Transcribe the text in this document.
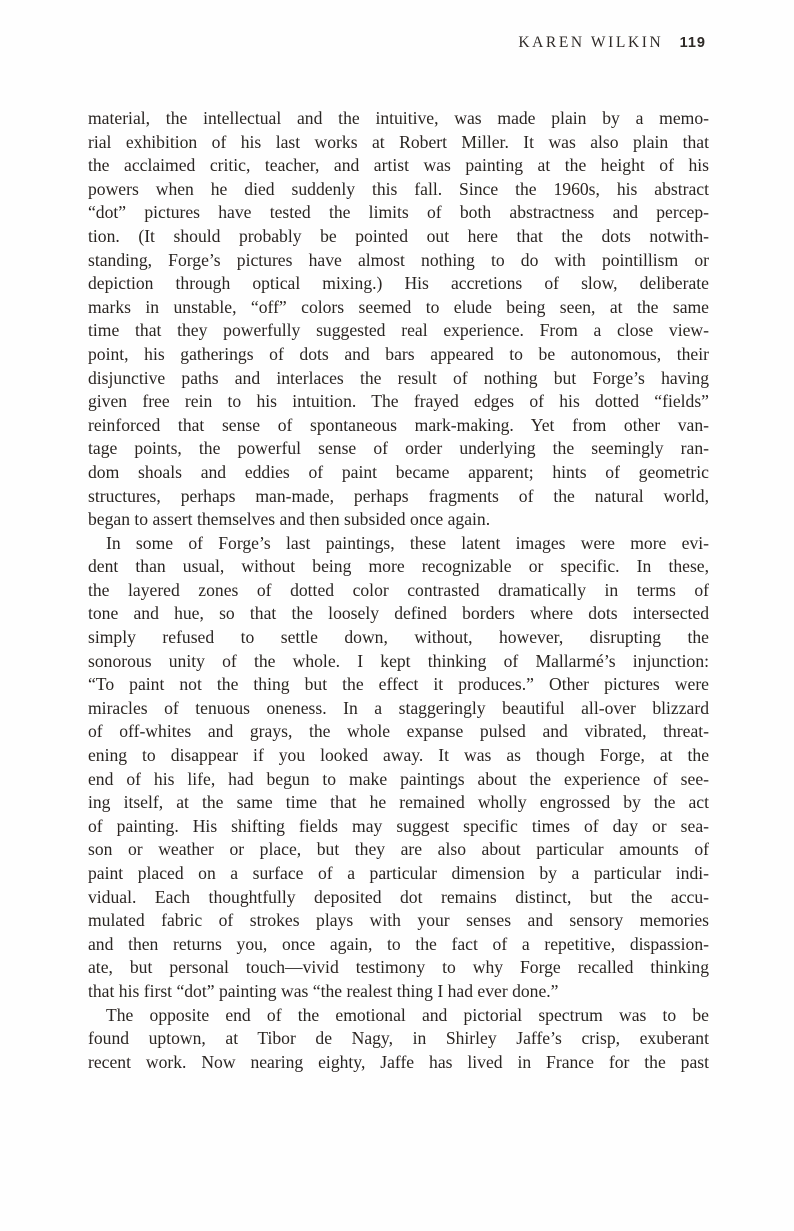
KAREN WILKIN 119
material, the intellectual and the intuitive, was made plain by a memo-
rial exhibition of his last works at Robert Miller. It was also plain that
the acclaimed critic, teacher, and artist was painting at the height of his
powers when he died suddenly this fall. Since the 1960s, his abstract
“dot” pictures have tested the limits of both abstractness and percep-
tion. (It should probably be pointed out here that the dots notwith-
standing, Forge’s pictures have almost nothing to do with pointillism or
depiction through optical mixing.) His accretions of slow, deliberate
marks in unstable, “off” colors seemed to elude being seen, at the same
time that they powerfully suggested real experience. From a close view-
point, his gatherings of dots and bars appeared to be autonomous, their
disjunctive paths and interlaces the result of nothing but Forge’s having
given free rein to his intuition. The frayed edges of his dotted “fields”
reinforced that sense of spontaneous mark-making. Yet from other van-
tage points, the powerful sense of order underlying the seemingly ran-
dom shoals and eddies of paint became apparent; hints of geometric
structures, perhaps man-made, perhaps fragments of the natural world,
began to assert themselves and then subsided once again.
In some of Forge’s last paintings, these latent images were more evi-
dent than usual, without being more recognizable or specific. In these,
the layered zones of dotted color contrasted dramatically in terms of
tone and hue, so that the loosely defined borders where dots intersected
simply refused to settle down, without, however, disrupting the
sonorous unity of the whole. I kept thinking of Mallarmé’s injunction:
“To paint not the thing but the effect it produces.” Other pictures were
miracles of tenuous oneness. In a staggeringly beautiful all-over blizzard
of off-whites and grays, the whole expanse pulsed and vibrated, threat-
ening to disappear if you looked away. It was as though Forge, at the
end of his life, had begun to make paintings about the experience of see-
ing itself, at the same time that he remained wholly engrossed by the act
of painting. His shifting fields may suggest specific times of day or sea-
son or weather or place, but they are also about particular amounts of
paint placed on a surface of a particular dimension by a particular indi-
vidual. Each thoughtfully deposited dot remains distinct, but the accu-
mulated fabric of strokes plays with your senses and sensory memories
and then returns you, once again, to the fact of a repetitive, dispassion-
ate, but personal touch—vivid testimony to why Forge recalled thinking
that his first “dot” painting was “the realest thing I had ever done.”
The opposite end of the emotional and pictorial spectrum was to be
found uptown, at Tibor de Nagy, in Shirley Jaffe’s crisp, exuberant
recent work. Now nearing eighty, Jaffe has lived in France for the past
